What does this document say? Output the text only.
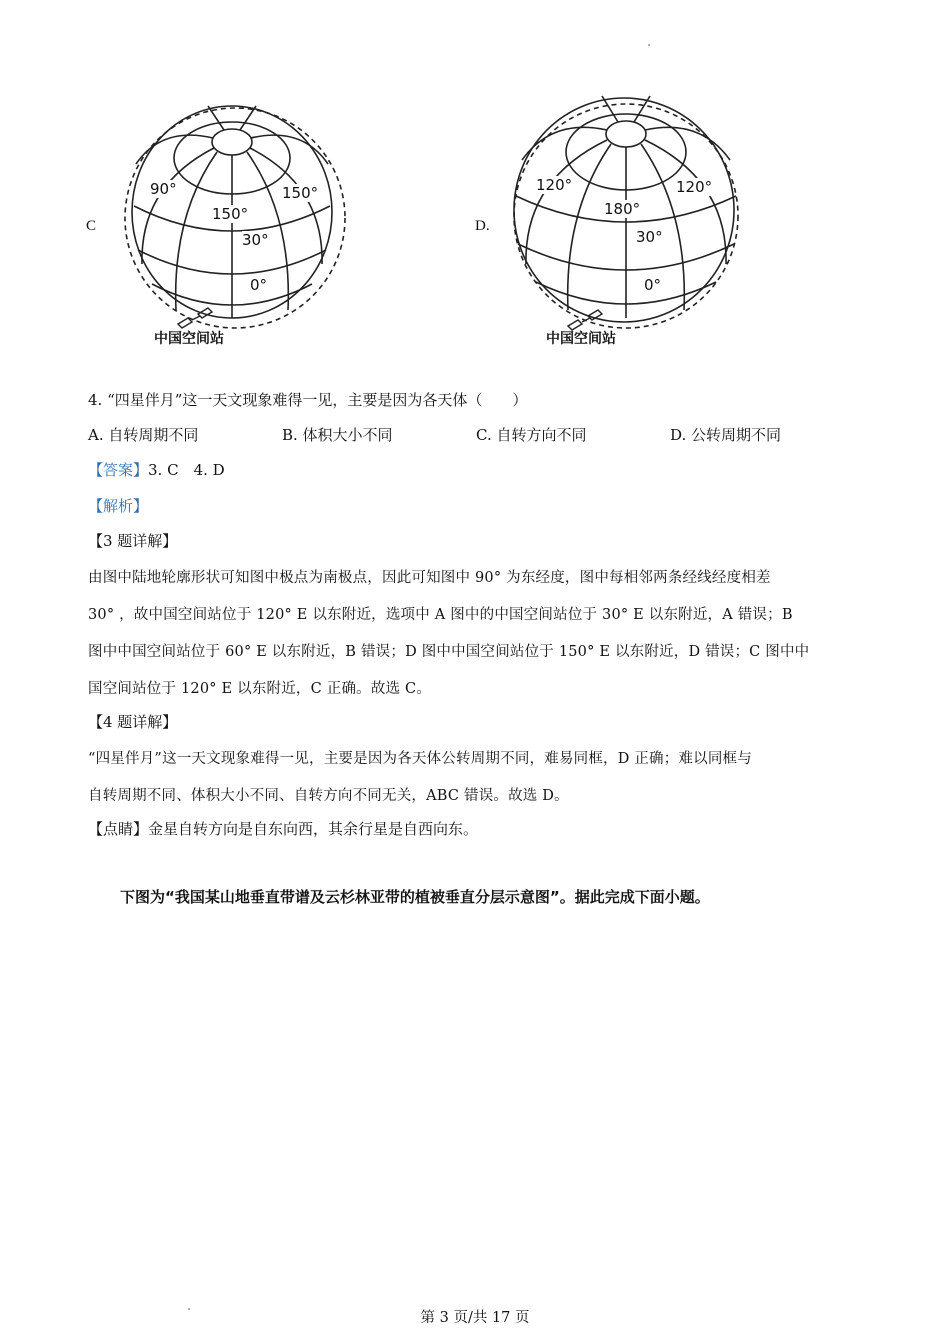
C
90°	150°
150°
30°
0°
中国空间站
D.
120°	120°
180°
30°
0°
中国空间站
4. “四星伴月”这一天文现象难得一见，主要是因为各天体（　　）
A. 自转周期不同	B. 体积大小不同	C. 自转方向不同	D. 公转周期不同
【答案】3. C　4. D
【解析】
【3 题详解】
由图中陆地轮廓形状可知图中极点为南极点，因此可知图中 90° 为东经度，图中每相邻两条经线经度相差
30° ，故中国空间站位于 120° E 以东附近，选项中 A 图中的中国空间站位于 30° E 以东附近，A 错误；B
图中中国空间站位于 60° E 以东附近，B 错误；D 图中中国空间站位于 150° E 以东附近，D 错误；C 图中中
国空间站位于 120° E 以东附近，C 正确。故选 C。
【4 题详解】
“四星伴月”这一天文现象难得一见，主要是因为各天体公转周期不同，难易同框，D 正确；难以同框与
自转周期不同、体积大小不同、自转方向不同无关，ABC 错误。故选 D。
【点睛】金星自转方向是自东向西，其余行星是自西向东。
下图为“我国某山地垂直带谱及云杉林亚带的植被垂直分层示意图”。据此完成下面小题。
第 3 页/共 17 页
